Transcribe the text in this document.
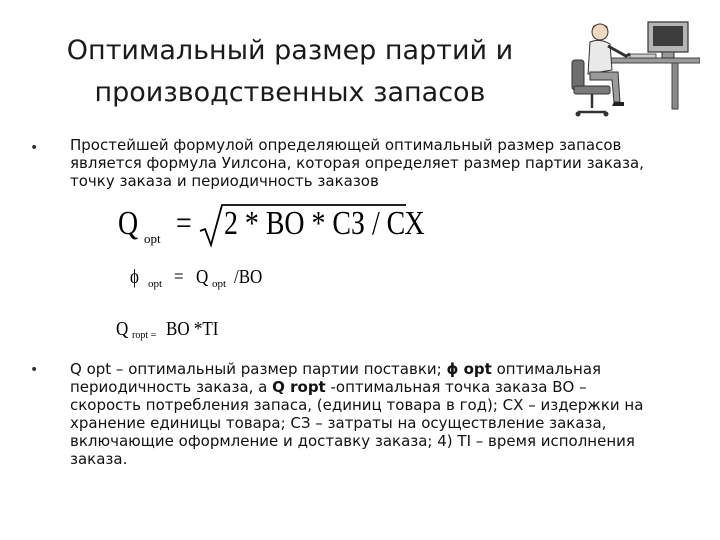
Оптимальный размер партий и
производственных запасов
• Простейшей формулой определяющей оптимальный размер запасов
является формула Уилсона, которая определяет размер партии заказа,
точку заказа и периодичность заказов
Q opt = 2 * ВО * СЗ / СХ
ϕ opt = Q opt /ВО
Q ropt = ВО *TI
• Q opt – оптимальный размер партии поставки; ϕ opt оптимальная
периодичность заказа, а Q ropt -оптимальная точка заказа ВО –
скорость потребления запаса, (единиц товара в год); СХ – издержки на
хранение единицы товара; СЗ – затраты на осуществление заказа,
включающие оформление и доставку заказа; 4) TI – время исполнения
заказа.
